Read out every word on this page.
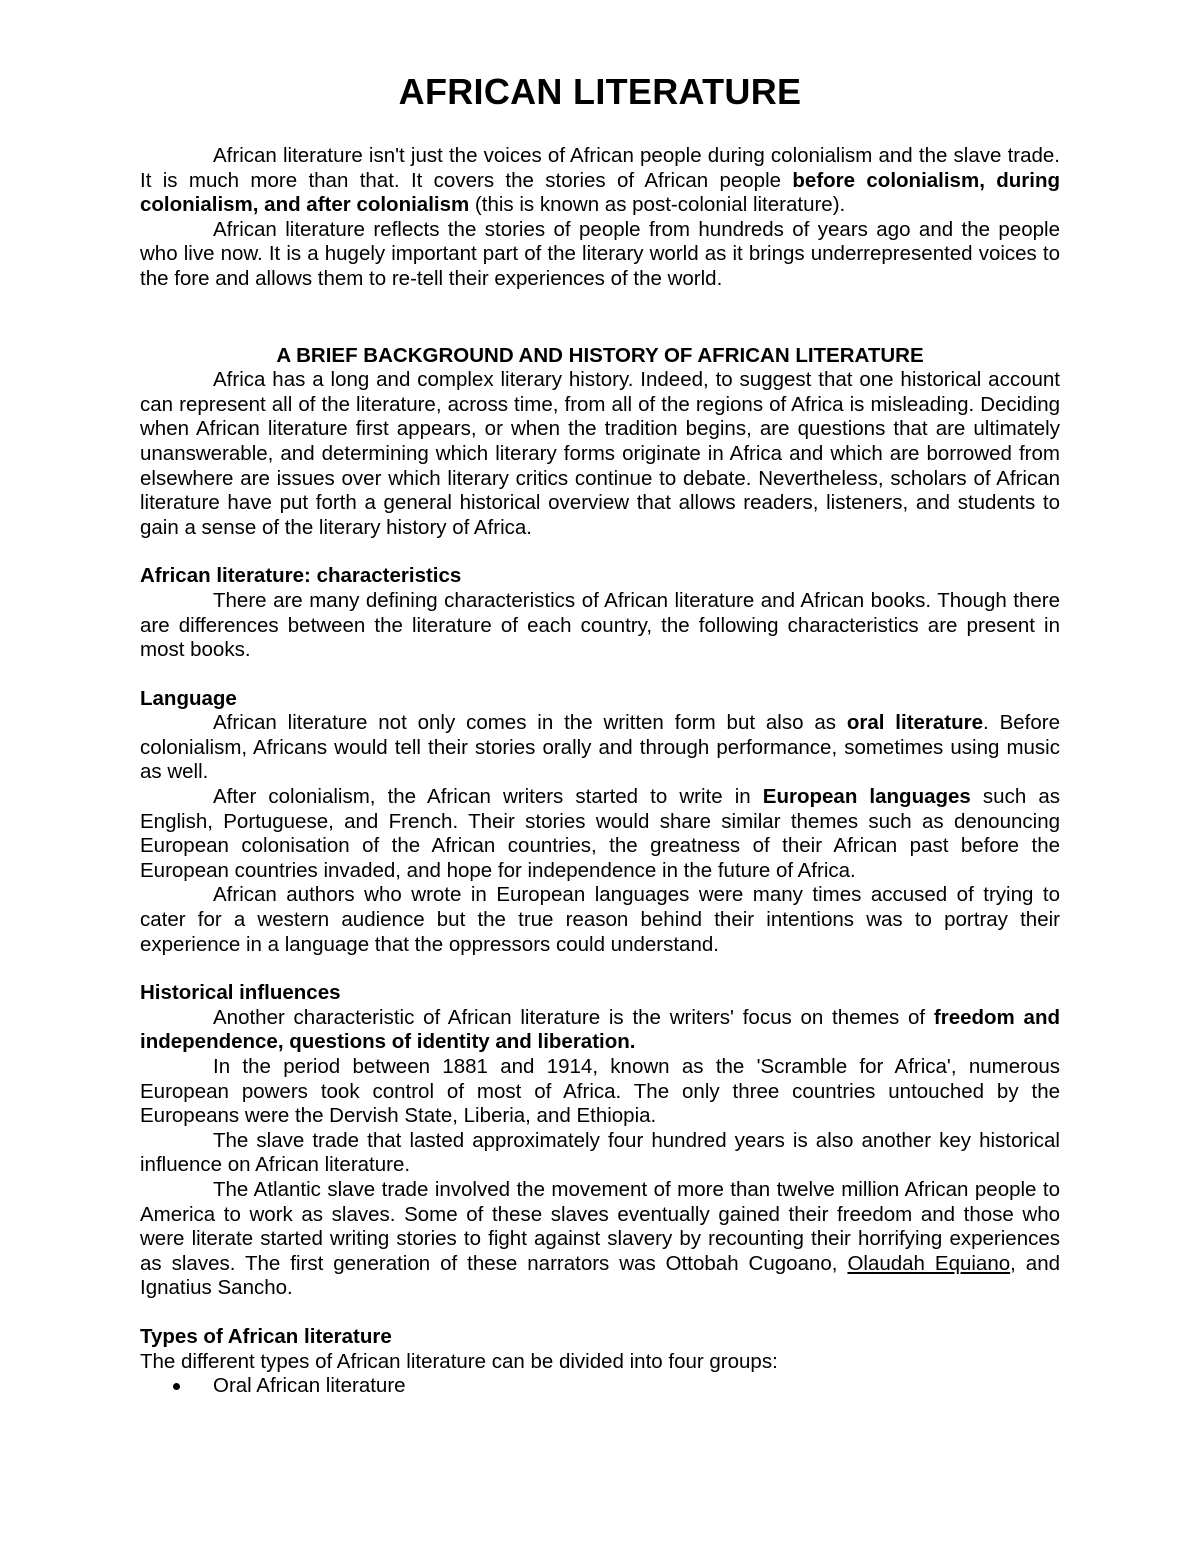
AFRICAN LITERATURE

African literature isn't just the voices of African people during colonialism and the slave trade. It is much more than that. It covers the stories of African people before colonialism, during colonialism, and after colonialism (this is known as post-colonial literature).

African literature reflects the stories of people from hundreds of years ago and the people who live now. It is a hugely important part of the literary world as it brings underrepresented voices to the fore and allows them to re-tell their experiences of the world.

A BRIEF BACKGROUND AND HISTORY OF AFRICAN LITERATURE

Africa has a long and complex literary history. Indeed, to suggest that one historical account can represent all of the literature, across time, from all of the regions of Africa is misleading. Deciding when African literature first appears, or when the tradition begins, are questions that are ultimately unanswerable, and determining which literary forms originate in Africa and which are borrowed from elsewhere are issues over which literary critics continue to debate. Nevertheless, scholars of African literature have put forth a general historical overview that allows readers, listeners, and students to gain a sense of the literary history of Africa.

African literature: characteristics

There are many defining characteristics of African literature and African books. Though there are differences between the literature of each country, the following characteristics are present in most books.

Language

African literature not only comes in the written form but also as oral literature. Before colonialism, Africans would tell their stories orally and through performance, sometimes using music as well.

After colonialism, the African writers started to write in European languages such as English, Portuguese, and French. Their stories would share similar themes such as denouncing European colonisation of the African countries, the greatness of their African past before the European countries invaded, and hope for independence in the future of Africa.

African authors who wrote in European languages were many times accused of trying to cater for a western audience but the true reason behind their intentions was to portray their experience in a language that the oppressors could understand.

Historical influences

Another characteristic of African literature is the writers' focus on themes of freedom and independence, questions of identity and liberation.

In the period between 1881 and 1914, known as the 'Scramble for Africa', numerous European powers took control of most of Africa. The only three countries untouched by the Europeans were the Dervish State, Liberia, and Ethiopia.

The slave trade that lasted approximately four hundred years is also another key historical influence on African literature.

The Atlantic slave trade involved the movement of more than twelve million African people to America to work as slaves. Some of these slaves eventually gained their freedom and those who were literate started writing stories to fight against slavery by recounting their horrifying experiences as slaves. The first generation of these narrators was Ottobah Cugoano, Olaudah Equiano, and Ignatius Sancho.

Types of African literature

The different types of African literature can be divided into four groups:

Oral African literature
